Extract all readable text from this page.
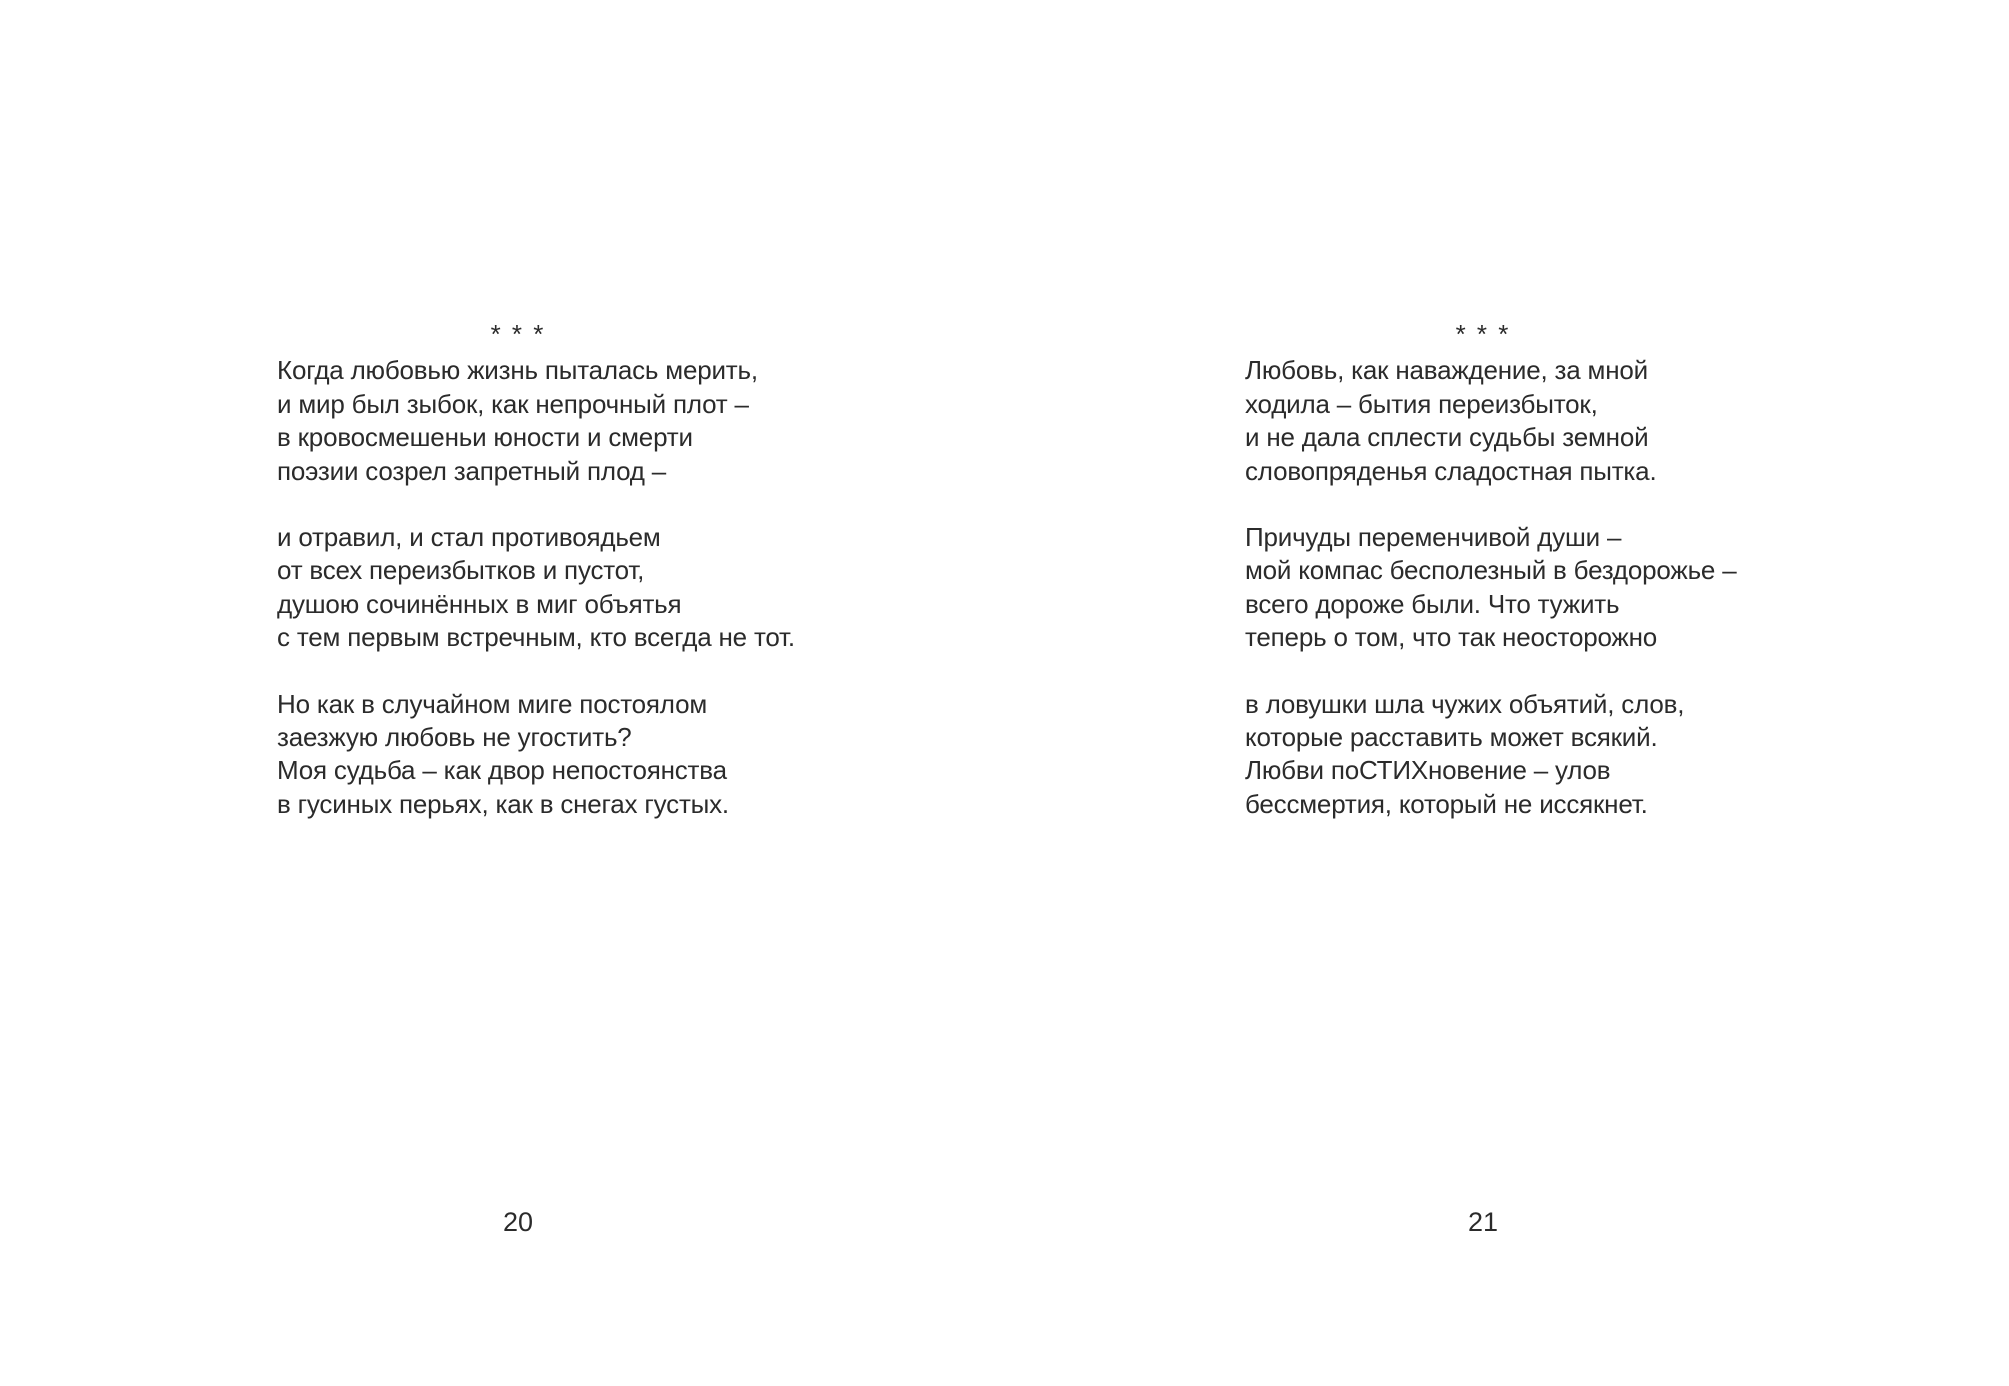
* * *
Когда любовью жизнь пыталась мерить,
и мир был зыбок, как непрочный плот –
в кровосмешеньи юности и смерти
поэзии созрел запретный плод –
и отравил, и стал противоядьем
от всех переизбытков и пустот,
душою сочинённых в миг объятья
с тем первым встречным, кто всегда не тот.
Но как в случайном миге постоялом
заезжую любовь не угостить?
Моя судьба – как двор непостоянства
в гусиных перьях, как в снегах густых.
* * *
Любовь, как наваждение, за мной
ходила – бытия переизбыток,
и не дала сплести судьбы земной
словопряденья сладостная пытка.
Причуды переменчивой души –
мой компас бесполезный в бездорожье –
всего дороже были. Что тужить
теперь о том, что так неосторожно
в ловушки шла чужих объятий, слов,
которые расставить может всякий.
Любви поСТИХновение – улов
бессмертия, который не иссякнет.
20	21
